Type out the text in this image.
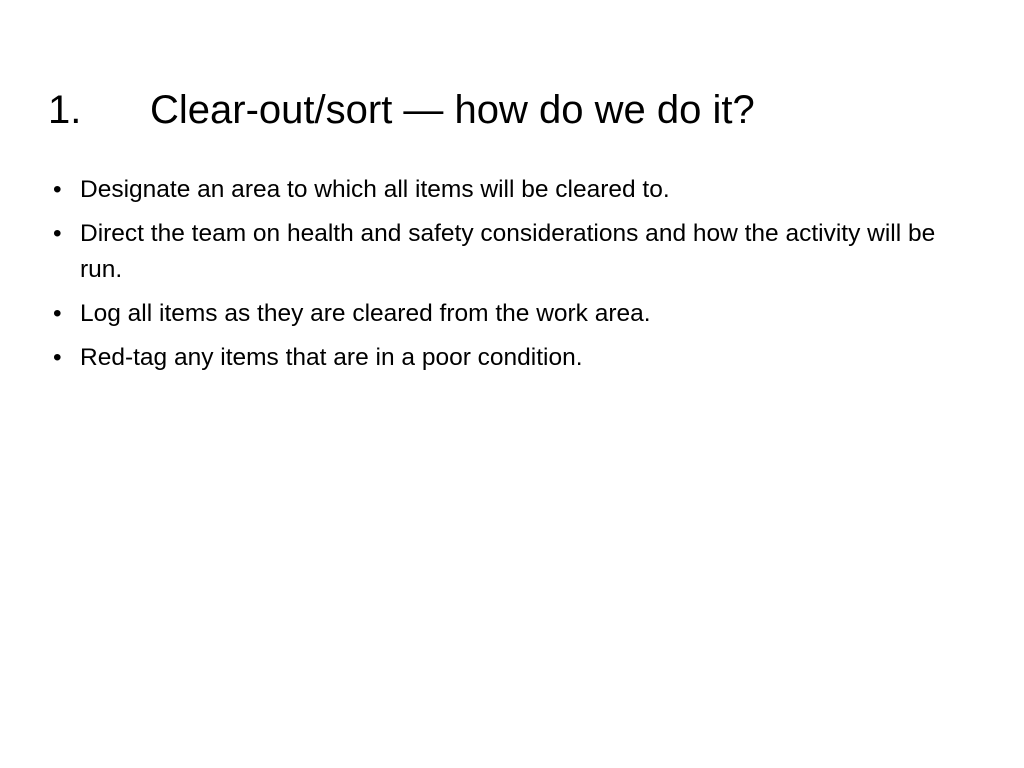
1.	Clear-out/sort — how do we do it?
• Designate an area to which all items will be cleared to.
• Direct the team on health and safety considerations and how the activity will be run.
• Log all items as they are cleared from the work area.
• Red-tag any items that are in a poor condition.
